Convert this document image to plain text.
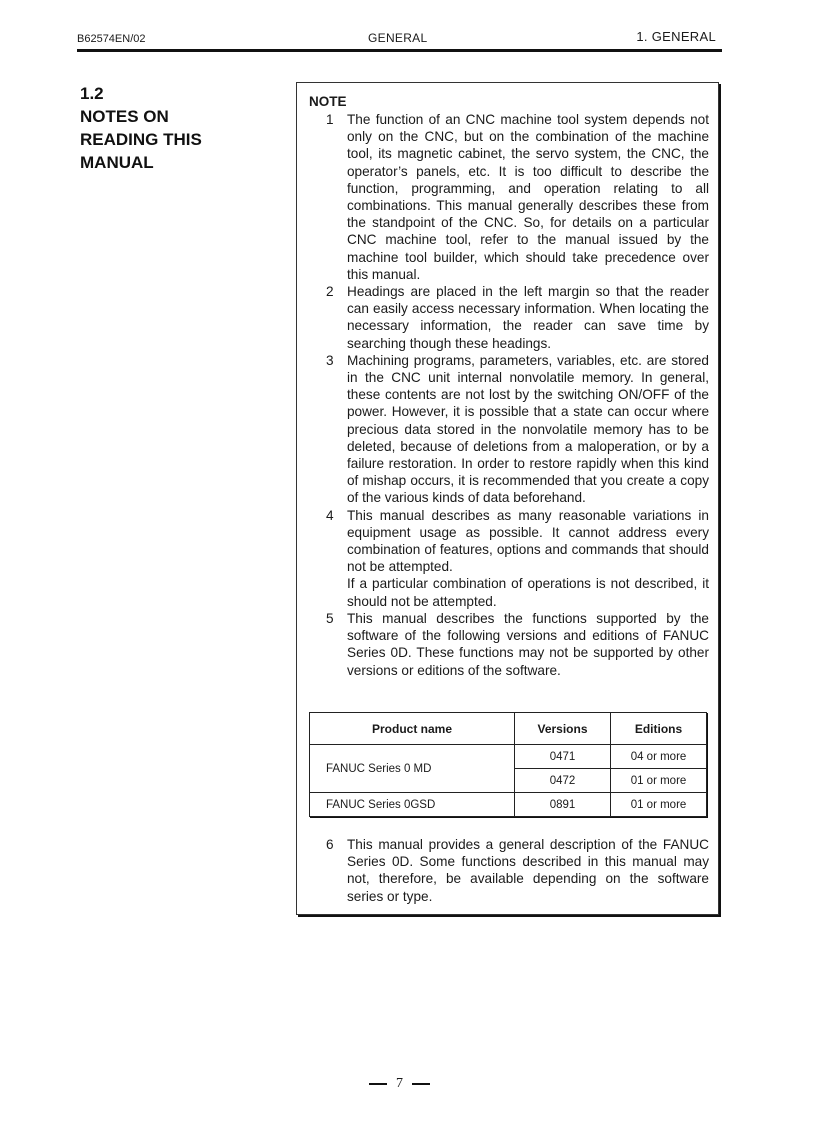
B62574EN/02	GENERAL	1. GENERAL
1.2
NOTES ON
READING THIS
MANUAL
NOTE
1 The function of an CNC machine tool system depends not only on the CNC, but on the combination of the machine tool, its magnetic cabinet, the servo system, the CNC, the operator’s panels, etc. It is too difficult to describe the function, programming, and operation relating to all combinations. This manual generally describes these from the standpoint of the CNC. So, for details on a particular CNC machine tool, refer to the manual issued by the machine tool builder, which should take precedence over this manual.

2 Headings are placed in the left margin so that the reader can easily access necessary information. When locating the necessary information, the reader can save time by searching though these headings.

3 Machining programs, parameters, variables, etc. are stored in the CNC unit internal nonvolatile memory. In general, these contents are not lost by the switching ON/OFF of the power. However, it is possible that a state can occur where precious data stored in the nonvolatile memory has to be deleted, because of deletions from a maloperation, or by a failure restoration. In order to restore rapidly when this kind of mishap occurs, it is recommended that you create a copy of the various kinds of data beforehand.

4 This manual describes as many reasonable variations in equipment usage as possible. It cannot address every combination of features, options and commands that should not be attempted.

If a particular combination of operations is not described, it should not be attempted.

5 This manual describes the functions supported by the software of the following versions and editions of FANUC Series 0D. These functions may not be supported by other versions or editions of the software.

Product name	Versions	Editions
FANUC Series 0 MD	0471	04 or more
	0472	01 or more
FANUC Series 0GSD	0891	01 or more
6 This manual provides a general description of the FANUC Series 0D. Some functions described in this manual may not, therefore, be available depending on the software series or type.

7
